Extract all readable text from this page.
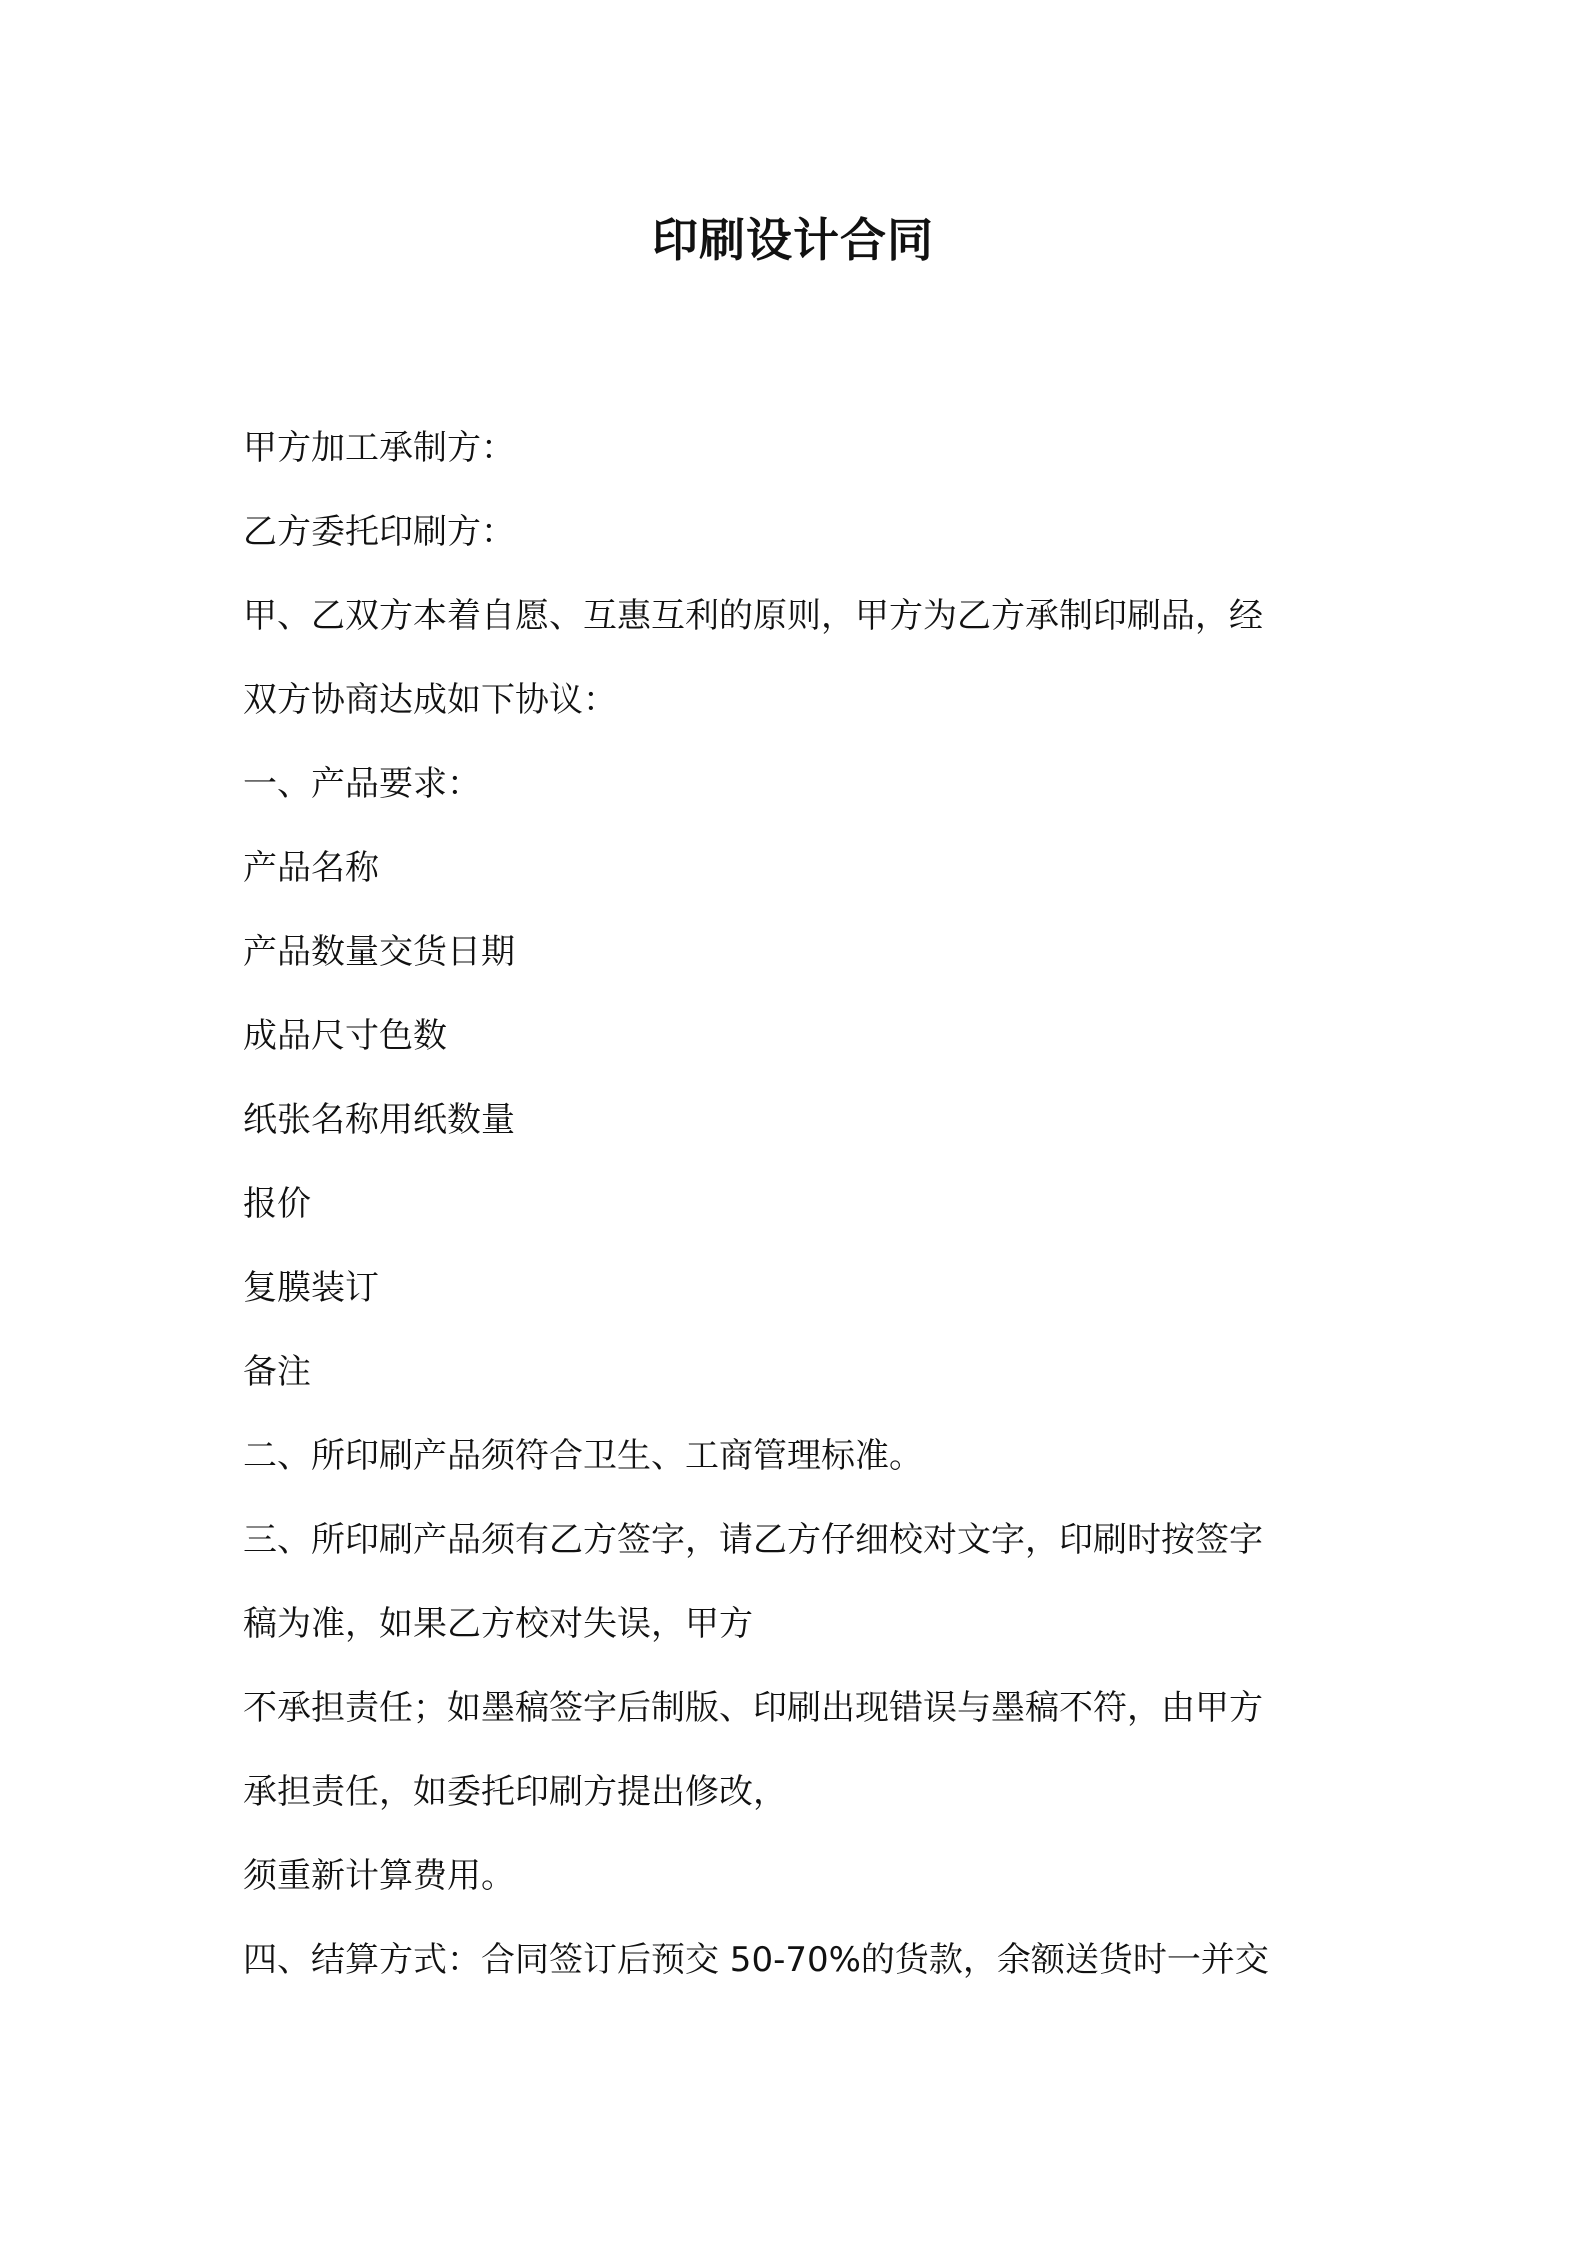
印刷设计合同
甲方加工承制方：
乙方委托印刷方：
甲、乙双方本着自愿、互惠互利的原则，甲方为乙方承制印刷品，经
双方协商达成如下协议：
一、产品要求：
产品名称
产品数量交货日期
成品尺寸色数
纸张名称用纸数量
报价
复膜装订
备注
二、所印刷产品须符合卫生、工商管理标准。
三、所印刷产品须有乙方签字，请乙方仔细校对文字，印刷时按签字
稿为准，如果乙方校对失误，甲方
不承担责任；如墨稿签字后制版、印刷出现错误与墨稿不符，由甲方
承担责任，如委托印刷方提出修改，
须重新计算费用。
四、结算方式：合同签订后预交 50-70%的货款，余额送货时一并交
